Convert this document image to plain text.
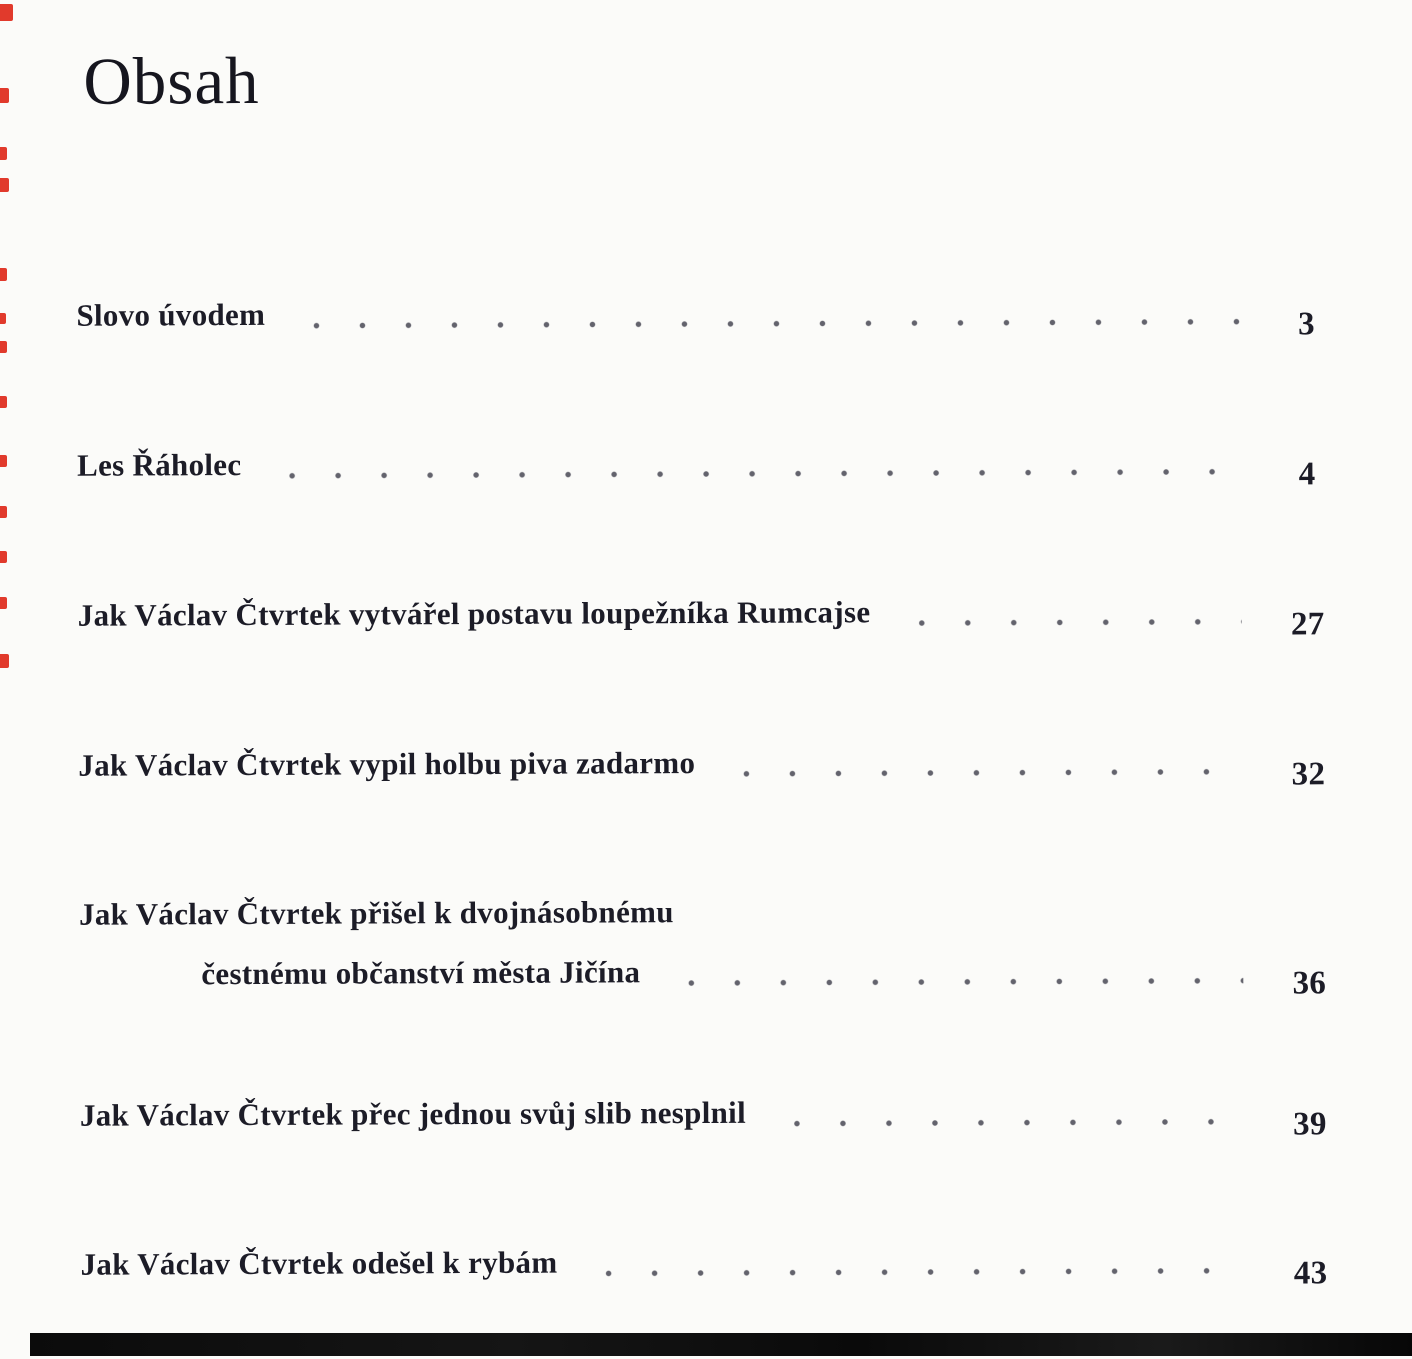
Obsah
Slovo úvodem	3
Les Řáholec	4
Jak Václav Čtvrtek vytvářel postavu loupežníka Rumcajse	27
Jak Václav Čtvrtek vypil holbu piva zadarmo	32
Jak Václav Čtvrtek přišel k dvojnásobnému
čestnému občanství města Jičína	36
Jak Václav Čtvrtek přec jednou svůj slib nesplnil	39
Jak Václav Čtvrtek odešel k rybám	43
